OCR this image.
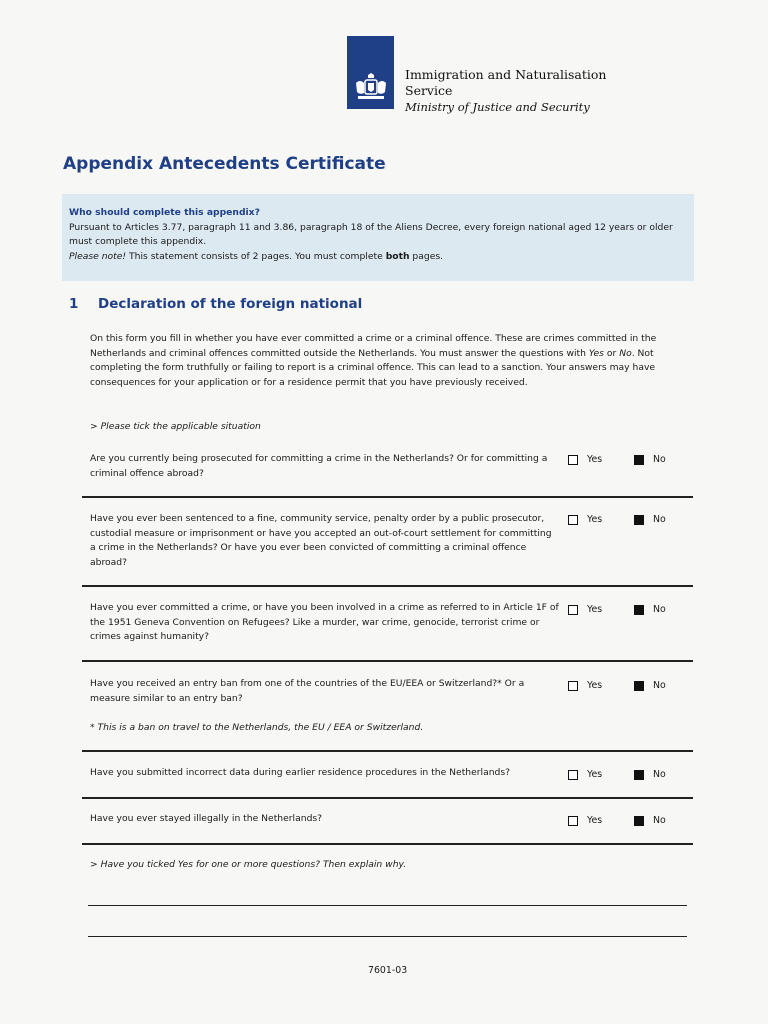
Immigration and Naturalisation
Service
Ministry of Justice and Security
Appendix Antecedents Certificate
Who should complete this appendix?
Pursuant to Articles 3.77, paragraph 11 and 3.86, paragraph 18 of the Aliens Decree, every foreign national aged 12 years or older must complete this appendix.
Please note! This statement consists of 2 pages. You must complete both pages.
1 Declaration of the foreign national
On this form you fill in whether you have ever committed a crime or a criminal offence. These are crimes committed in the Netherlands and criminal offences committed outside the Netherlands. You must answer the questions with Yes or No. Not completing the form truthfully or failing to report is a criminal offence. This can lead to a sanction. Your answers may have consequences for your application or for a residence permit that you have previously received.
> Please tick the applicable situation
Are you currently being prosecuted for committing a crime in the Netherlands? Or for committing a criminal offence abroad?
Yes	No
Have you ever been sentenced to a fine, community service, penalty order by a public prosecutor, custodial measure or imprisonment or have you accepted an out-of-court settlement for committing a crime in the Netherlands? Or have you ever been convicted of committing a criminal offence abroad?
Yes	No
Have you ever committed a crime, or have you been involved in a crime as referred to in Article 1F of the 1951 Geneva Convention on Refugees? Like a murder, war crime, genocide, terrorist crime or crimes against humanity?
Yes	No
Have you received an entry ban from one of the countries of the EU/EEA or Switzerland?* Or a measure similar to an entry ban?
Yes	No
* This is a ban on travel to the Netherlands, the EU / EEA or Switzerland.
Have you submitted incorrect data during earlier residence procedures in the Netherlands?	Yes	No
Have you ever stayed illegally in the Netherlands?	Yes	No
> Have you ticked Yes for one or more questions? Then explain why.
7601-03
